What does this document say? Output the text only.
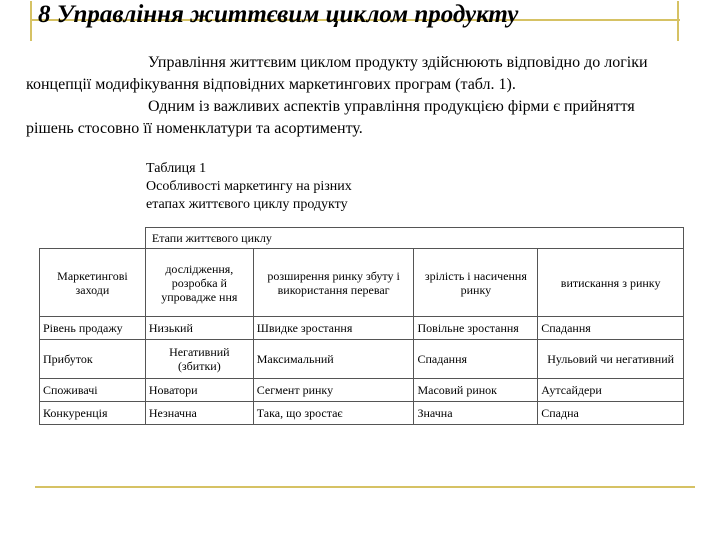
8 Управління життєвим циклом продукту

Управління життєвим циклом продукту здійснюють відповідно до логіки

концепції модифікування відповідних маркетингових програм (табл. 1).

Одним із важливих аспектів управління продукцією фірми є прийняття

рішень стосовно її номенклатури та асортименту.

Таблиця 1
Особливості маркетингу на різних
етапах життєвого циклу продукту
	Етапи життєвого циклу			
Маркетингові заходи	дослідження, розробка й упровадже ння	розширення ринку збуту і використання переваг	зрілість і насичення ринку	витискання з ринку
Рівень продажу	Низький	Швидке зростання	Повільне зростання	Спадання
Прибуток	Негативний (збитки)	Максимальний	Спадання	Нульовий чи негативний
Споживачі	Новатори	Сегмент ринку	Масовий ринок	Аутсайдери
Конкуренція	Незначна	Така, що зростає	Значна	Спадна
